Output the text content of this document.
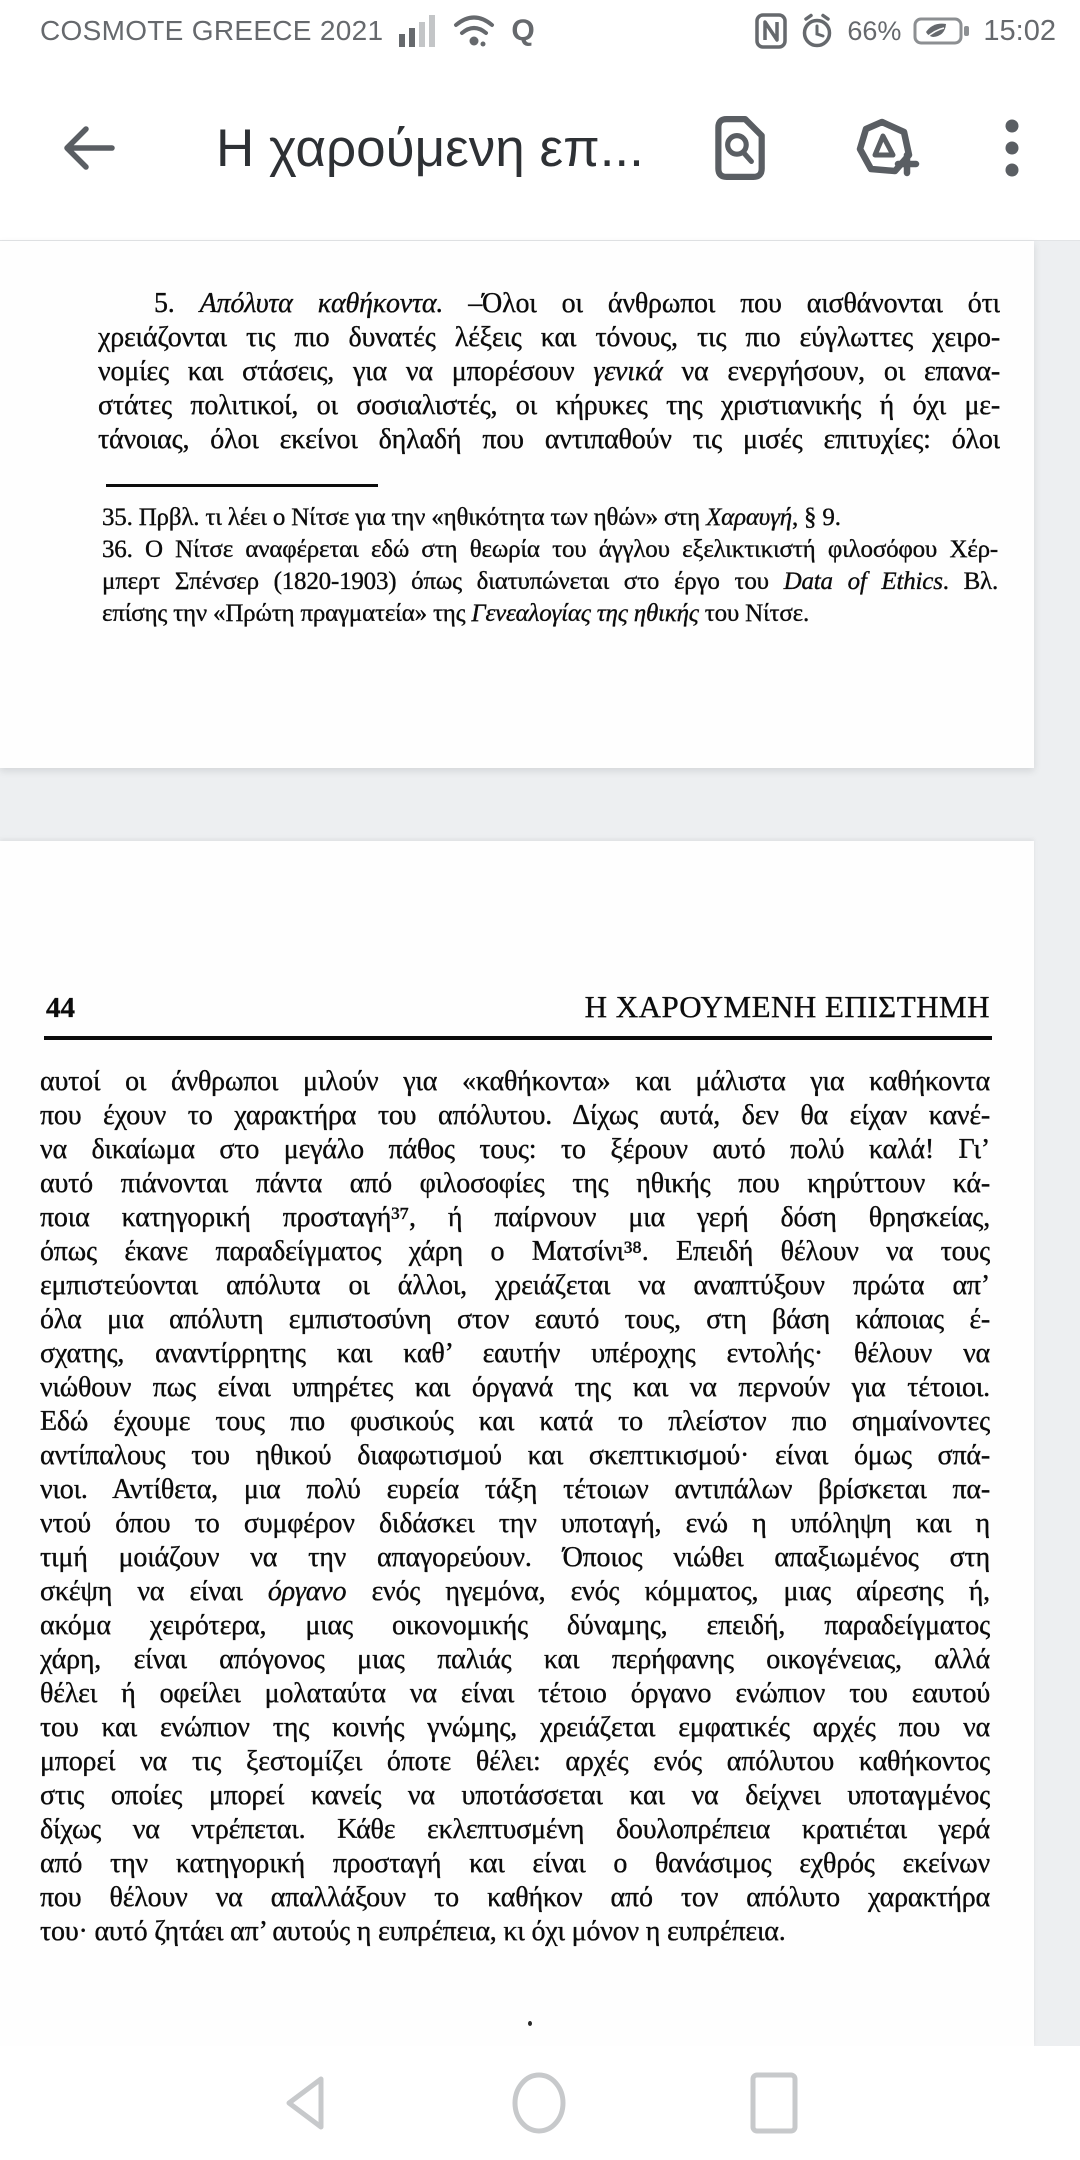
COSMOTE GREECE 2021	Q	66%	15:02
Η χαρούμενη επ...
5. Απόλυτα καθήκοντα. –Όλοι οι άνθρωποι που αισθάνονται ότι
χρειάζονται τις πιο δυνατές λέξεις και τόνους, τις πιο εύγλωττες χειρο-
νομίες και στάσεις, για να μπορέσουν γενικά να ενεργήσουν, οι επανα-
στάτες πολιτικοί, οι σοσιαλιστές, οι κήρυκες της χριστιανικής ή όχι με-
τάνοιας, όλοι εκείνοι δηλαδή που αντιπαθούν τις μισές επιτυχίες: όλοι
35. Πρβλ. τι λέει ο Νίτσε για την «ηθικότητα των ηθών» στη Χαραυγή, § 9.
36. Ο Νίτσε αναφέρεται εδώ στη θεωρία του άγγλου εξελικτικιστή φιλοσόφου Χέρ-
μπερτ Σπένσερ (1820-1903) όπως διατυπώνεται στο έργο του Data of Ethics. Βλ.
επίσης την «Πρώτη πραγματεία» της Γενεαλογίας της ηθικής του Νίτσε.
44	Η ΧΑΡΟΥΜΕΝΗ ΕΠΙΣΤΗΜΗ
αυτοί οι άνθρωποι μιλούν για «καθήκοντα» και μάλιστα για καθήκοντα
που έχουν το χαρακτήρα του απόλυτου. Δίχως αυτά, δεν θα είχαν κανέ-
να δικαίωμα στο μεγάλο πάθος τους: το ξέρουν αυτό πολύ καλά! Γι’
αυτό πιάνονται πάντα από φιλοσοφίες της ηθικής που κηρύττουν κά-
ποια κατηγορική προσταγή³⁷, ή παίρνουν μια γερή δόση θρησκείας,
όπως έκανε παραδείγματος χάρη ο Ματσίνι³⁸. Επειδή θέλουν να τους
εμπιστεύονται απόλυτα οι άλλοι, χρειάζεται να αναπτύξουν πρώτα απ’
όλα μια απόλυτη εμπιστοσύνη στον εαυτό τους, στη βάση κάποιας έ-
σχατης, αναντίρρητης και καθ’ εαυτήν υπέροχης εντολής· θέλουν να
νιώθουν πως είναι υπηρέτες και όργανά της και να περνούν για τέτοιοι.
Εδώ έχουμε τους πιο φυσικούς και κατά το πλείστον πιο σημαίνοντες
αντίπαλους του ηθικού διαφωτισμού και σκεπτικισμού· είναι όμως σπά-
νιοι. Αντίθετα, μια πολύ ευρεία τάξη τέτοιων αντιπάλων βρίσκεται πα-
ντού όπου το συμφέρον διδάσκει την υποταγή, ενώ η υπόληψη και η
τιμή μοιάζουν να την απαγορεύουν. Όποιος νιώθει απαξιωμένος στη
σκέψη να είναι όργανο ενός ηγεμόνα, ενός κόμματος, μιας αίρεσης ή,
ακόμα χειρότερα, μιας οικονομικής δύναμης, επειδή, παραδείγματος
χάρη, είναι απόγονος μιας παλιάς και περήφανης οικογένειας, αλλά
θέλει ή οφείλει μολαταύτα να είναι τέτοιο όργανο ενώπιον του εαυτού
του και ενώπιον της κοινής γνώμης, χρειάζεται εμφατικές αρχές που να
μπορεί να τις ξεστομίζει όποτε θέλει: αρχές ενός απόλυτου καθήκοντος
στις οποίες μπορεί κανείς να υποτάσσεται και να δείχνει υποταγμένος
δίχως να ντρέπεται. Κάθε εκλεπτυσμένη δουλοπρέπεια κρατιέται γερά
από την κατηγορική προσταγή και είναι ο θανάσιμος εχθρός εκείνων
που θέλουν να απαλλάξουν το καθήκον από τον απόλυτο χαρακτήρα
του· αυτό ζητάει απ’ αυτούς η ευπρέπεια, κι όχι μόνον η ευπρέπεια.
